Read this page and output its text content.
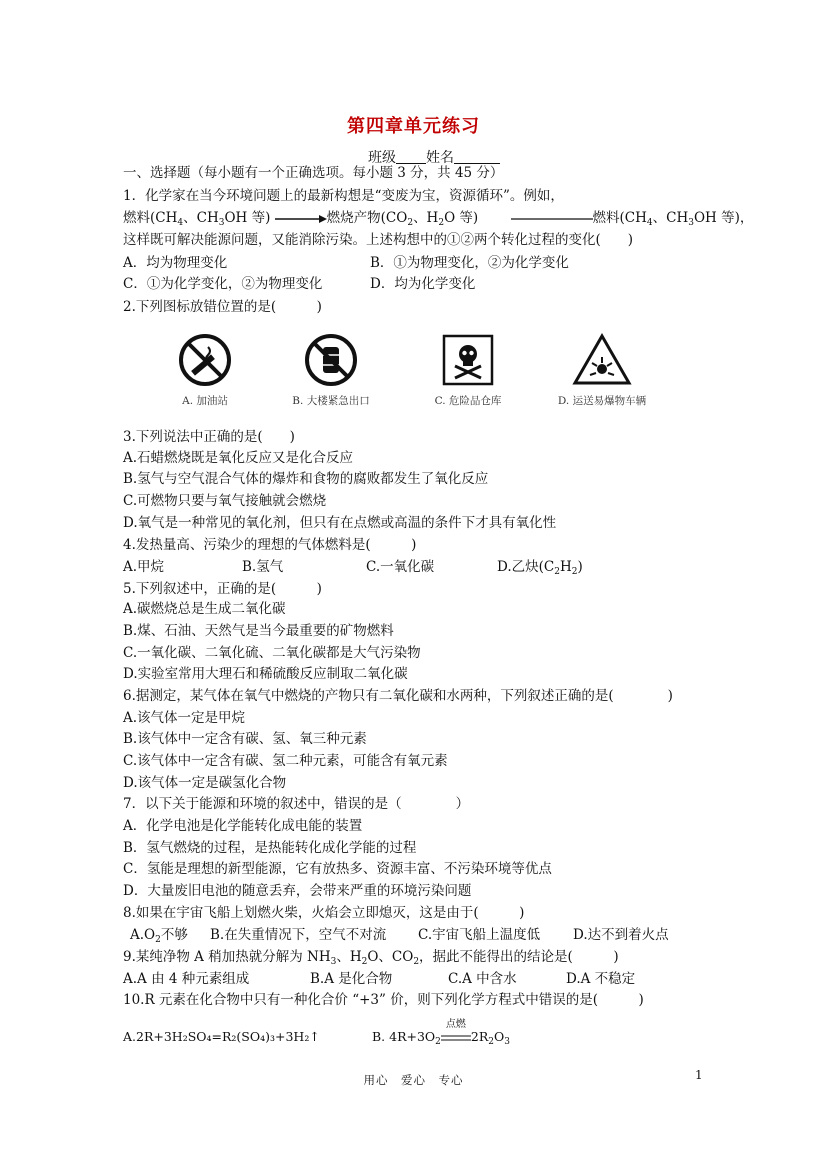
第四章单元练习
班级 姓名
一、选择题（每小题有一个正确选项。每小题 3 分，共 45 分）
1．化学家在当今环境问题上的最新构想是“变废为宝，资源循环”。例如，
燃料($CH_4$、$CH_3OH$ 等)	燃烧产物($CO_2$、$H_2O$ 等)	燃料($CH_4$、$CH_3OH$ 等)，
这样既可解决能源问题，又能消除污染。上述构想中的①②两个转化过程的变化(　　)
A．均为物理变化	B．①为物理变化，②为化学变化
C．①为化学变化，②为物理变化	D．均为化学变化
2.下列图标放错位置的是(　　　)
A. 加油站	B. 大楼紧急出口	C. 危险品仓库	D. 运送易爆物车辆
3.下列说法中正确的是(　　)
A.石蜡燃烧既是氧化反应又是化合反应
B.氢气与空气混合气体的爆炸和食物的腐败都发生了氧化反应
C.可燃物只要与氧气接触就会燃烧
D.氧气是一种常见的氧化剂，但只有在点燃或高温的条件下才具有氧化性
4.发热量高、污染少的理想的气体燃料是(　　　)
A.甲烷	B.氢气	C.一氧化碳	D.乙炔$(C_2H_2)$
5.下列叙述中，正确的是(　　　)
A.碳燃烧总是生成二氧化碳
B.煤、石油、天然气是当今最重要的矿物燃料
C.一氧化碳、二氧化硫、二氧化碳都是大气污染物
D.实验室常用大理石和稀硫酸反应制取二氧化碳
6.据测定，某气体在氧气中燃烧的产物只有二氧化碳和水两种，下列叙述正确的是(　　　　)
A.该气体一定是甲烷
B.该气体中一定含有碳、氢、氧三种元素
C.该气体中一定含有碳、氢二种元素，可能含有氧元素
D.该气体一定是碳氢化合物
7．以下关于能源和环境的叙述中，错误的是（　　　　）
A．化学电池是化学能转化成电能的装置
B．氢气燃烧的过程，是热能转化成化学能的过程
C．氢能是理想的新型能源，它有放热多、资源丰富、不污染环境等优点
D．大量废旧电池的随意丢弃，会带来严重的环境污染问题
8.如果在宇宙飞船上划燃火柴，火焰会立即熄灭，这是由于(　　　)
$A.O_2$不够 B.在失重情况下，空气不对流 C.宇宙飞船上温度低 D.达不到着火点
9.某纯净物 A 稍加热就分解为 $NH_3$、$H_2O$、$CO_2$，据此不能得出的结论是(　　　)
A.A 由 4 种元素组成	B.A 是化合物	C.A 中含水	D.A 不稳定
10.R 元素在化合物中只有一种化合价 “+3” 价，则下列化学方程式中错误的是(　　　)
A.2R+3H₂SO₄=R₂(SO₄)₃+3H₂↑	B. $4R+3O_2$
点燃
$2R_2O_3$
用心　爱心　专心	1
